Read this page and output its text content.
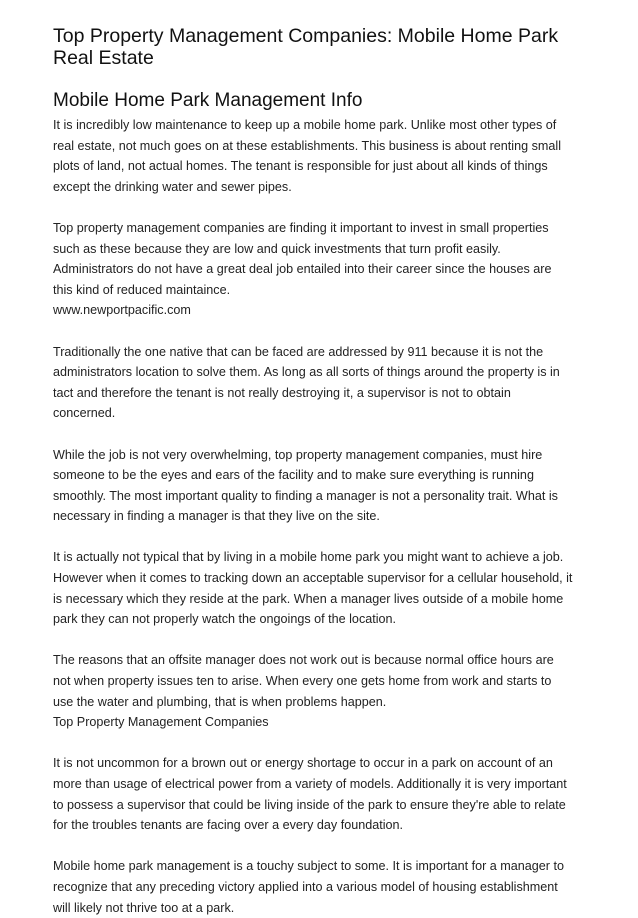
Top Property Management Companies: Mobile Home Park
Real Estate
Mobile Home Park Management Info

It is incredibly low maintenance to keep up a mobile home park. Unlike most other types of
real estate, not much goes on at these establishments. This business is about renting small
plots of land, not actual homes. The tenant is responsible for just about all kinds of things
except the drinking water and sewer pipes.

Top property management companies are finding it important to invest in small properties
such as these because they are low and quick investments that turn profit easily.
Administrators do not have a great deal job entailed into their career since the houses are
this kind of reduced maintaince.
www.newportpacific.com

Traditionally the one native that can be faced are addressed by 911 because it is not the
administrators location to solve them. As long as all sorts of things around the property is in
tact and therefore the tenant is not really destroying it, a supervisor is not to obtain
concerned.

While the job is not very overwhelming, top property management companies, must hire
someone to be the eyes and ears of the facility and to make sure everything is running
smoothly. The most important quality to finding a manager is not a personality trait. What is
necessary in finding a manager is that they live on the site.

It is actually not typical that by living in a mobile home park you might want to achieve a job.
However when it comes to tracking down an acceptable supervisor for a cellular household, it
is necessary which they reside at the park. When a manager lives outside of a mobile home
park they can not properly watch the ongoings of the location.

The reasons that an offsite manager does not work out is because normal office hours are
not when property issues ten to arise. When every one gets home from work and starts to
use the water and plumbing, that is when problems happen.
Top Property Management Companies

It is not uncommon for a brown out or energy shortage to occur in a park on account of an
more than usage of electrical power from a variety of models. Additionally it is very important
to possess a supervisor that could be living inside of the park to ensure they're able to relate
for the troubles tenants are facing over a every day foundation.

Mobile home park management is a touchy subject to some. It is important for a manager to
recognize that any preceding victory applied into a various model of housing establishment
will likely not thrive too at a park.
